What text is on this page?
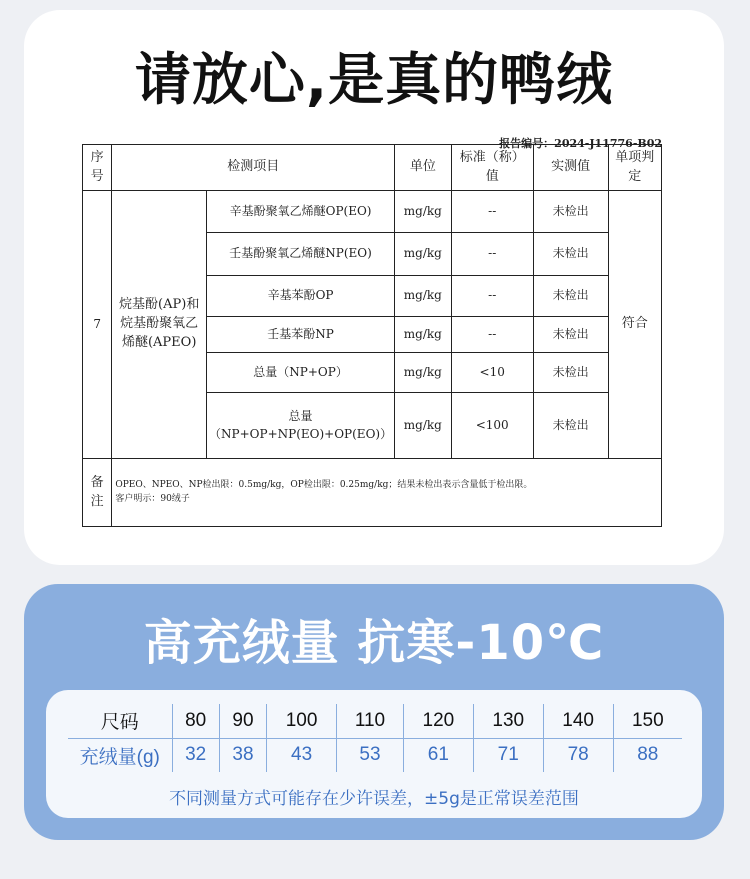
请放心,是真的鸭绒
报告编号：2024-J11776-B02
序号	检测项目		单位	标准（称）值	实测值	单项判定
7	烷基酚(AP)和烷基酚聚氧乙烯醚(APEO)	辛基酚聚氧乙烯醚OP(EO)	mg/kg	--	未检出	符合
		壬基酚聚氧乙烯醚NP(EO)	mg/kg	--	未检出	
		辛基苯酚OP	mg/kg	--	未检出	
		壬基苯酚NP	mg/kg	--	未检出	
		总量（NP+OP）	mg/kg	<10	未检出	
		总量（NP+OP+NP(EO)+OP(EO)）	mg/kg	<100	未检出	
备注	OPEO、NPEO、NP检出限：0.5mg/kg，OP检出限：0.25mg/kg；结果未检出表示含量低于检出限。
客户明示：90绒子					
高充绒量 抗寒-10℃
尺码	80	90	100	110	120	130	140	150
充绒量(g)	32	38	43	53	61	71	78	88
不同测量方式可能存在少许误差，±5g是正常误差范围
